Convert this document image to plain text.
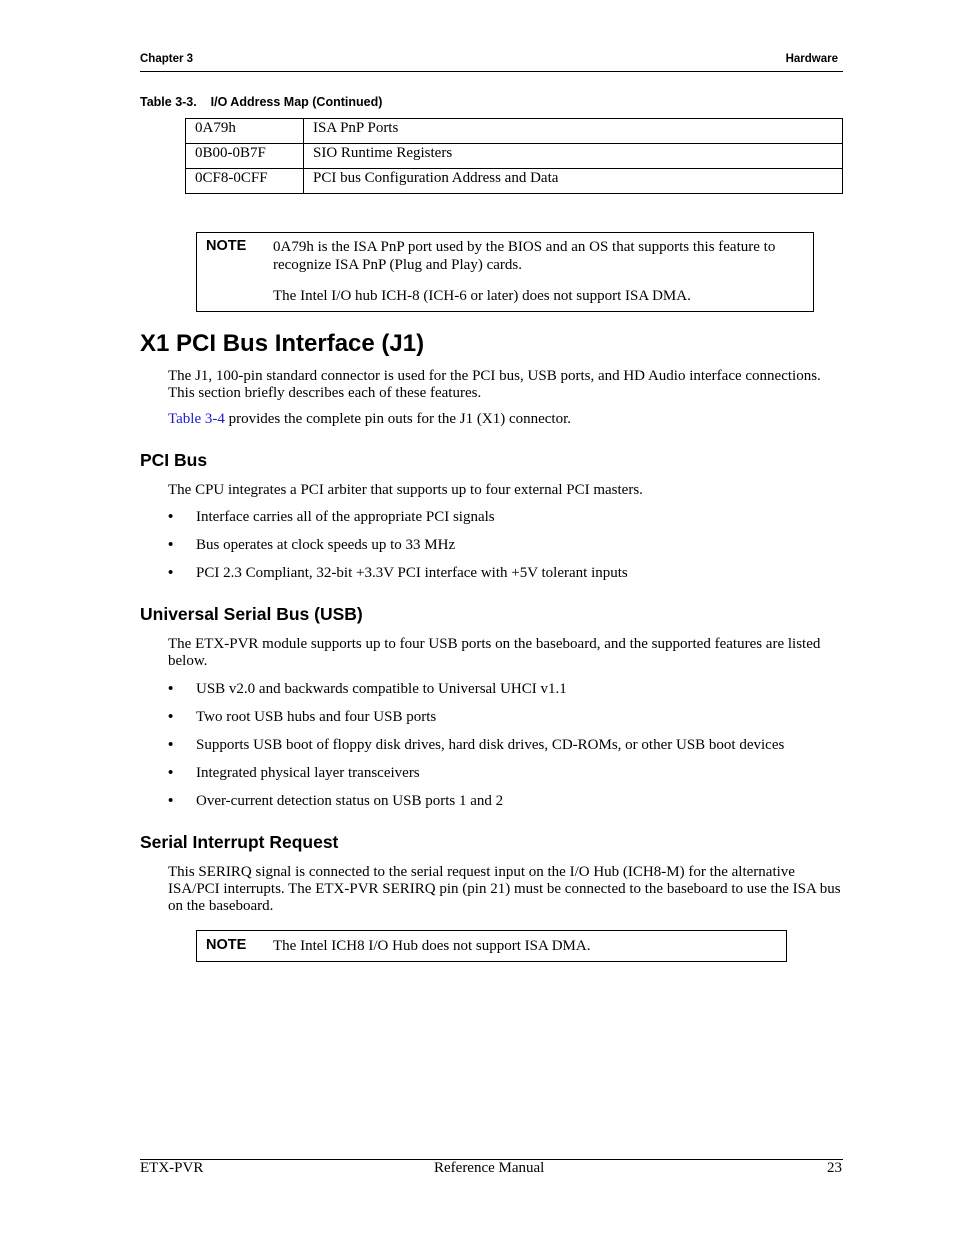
Chapter 3	Hardware
Table 3-3.    I/O Address Map (Continued)
0A79h	ISA PnP Ports
0B00-0B7F	SIO Runtime Registers
0CF8-0CFF	PCI bus Configuration Address and Data
NOTE 0A79h is the ISA PnP port used by the BIOS and an OS that supports this feature to recognize ISA PnP (Plug and Play) cards.
The Intel I/O hub ICH-8 (ICH-6 or later) does not support ISA DMA.
X1 PCI Bus Interface (J1)
The J1, 100-pin standard connector is used for the PCI bus, USB ports, and HD Audio interface connections. This section briefly describes each of these features.
Table 3-4 provides the complete pin outs for the J1 (X1) connector.
PCI Bus
The CPU integrates a PCI arbiter that supports up to four external PCI masters.
• Interface carries all of the appropriate PCI signals
• Bus operates at clock speeds up to 33 MHz
• PCI 2.3 Compliant, 32-bit +3.3V PCI interface with +5V tolerant inputs
Universal Serial Bus (USB)
The ETX-PVR module supports up to four USB ports on the baseboard, and the supported features are listed below.
• USB v2.0 and backwards compatible to Universal UHCI v1.1
• Two root USB hubs and four USB ports
• Supports USB boot of floppy disk drives, hard disk drives, CD-ROMs, or other USB boot devices
• Integrated physical layer transceivers
• Over-current detection status on USB ports 1 and 2
Serial Interrupt Request
This SERIRQ signal is connected to the serial request input on the I/O Hub (ICH8-M) for the alternative ISA/PCI interrupts. The ETX-PVR SERIRQ pin (pin 21) must be connected to the baseboard to use the ISA bus on the baseboard.
NOTE The Intel ICH8 I/O Hub does not support ISA DMA.
ETX-PVR	Reference Manual	23
